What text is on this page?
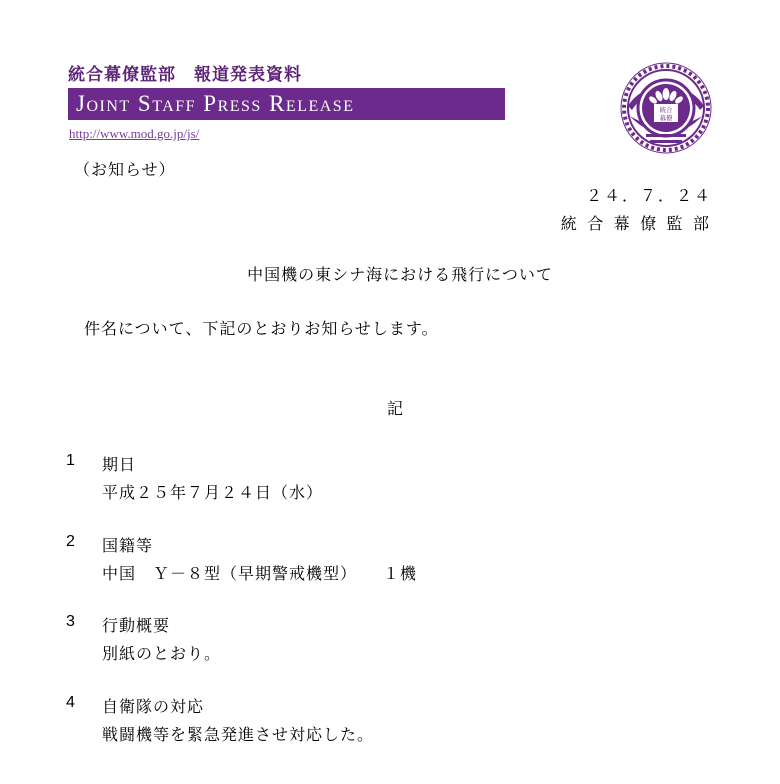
統合幕僚監部　報道発表資料
Joint Staff Press Release
http://www.mod.go.jp/js/
統合
幕僚
（お知らせ）
２４．７．２４
統 合 幕 僚 監 部
中国機の東シナ海における飛行について
件名について、下記のとおりお知らせします。
記
1	期日
平成２５年７月２４日（水）
2	国籍等
中国　Ｙ－８型（早期警戒機型）　　１機
3	行動概要
別紙のとおり。
4	自衛隊の対応
戦闘機等を緊急発進させ対応した。
